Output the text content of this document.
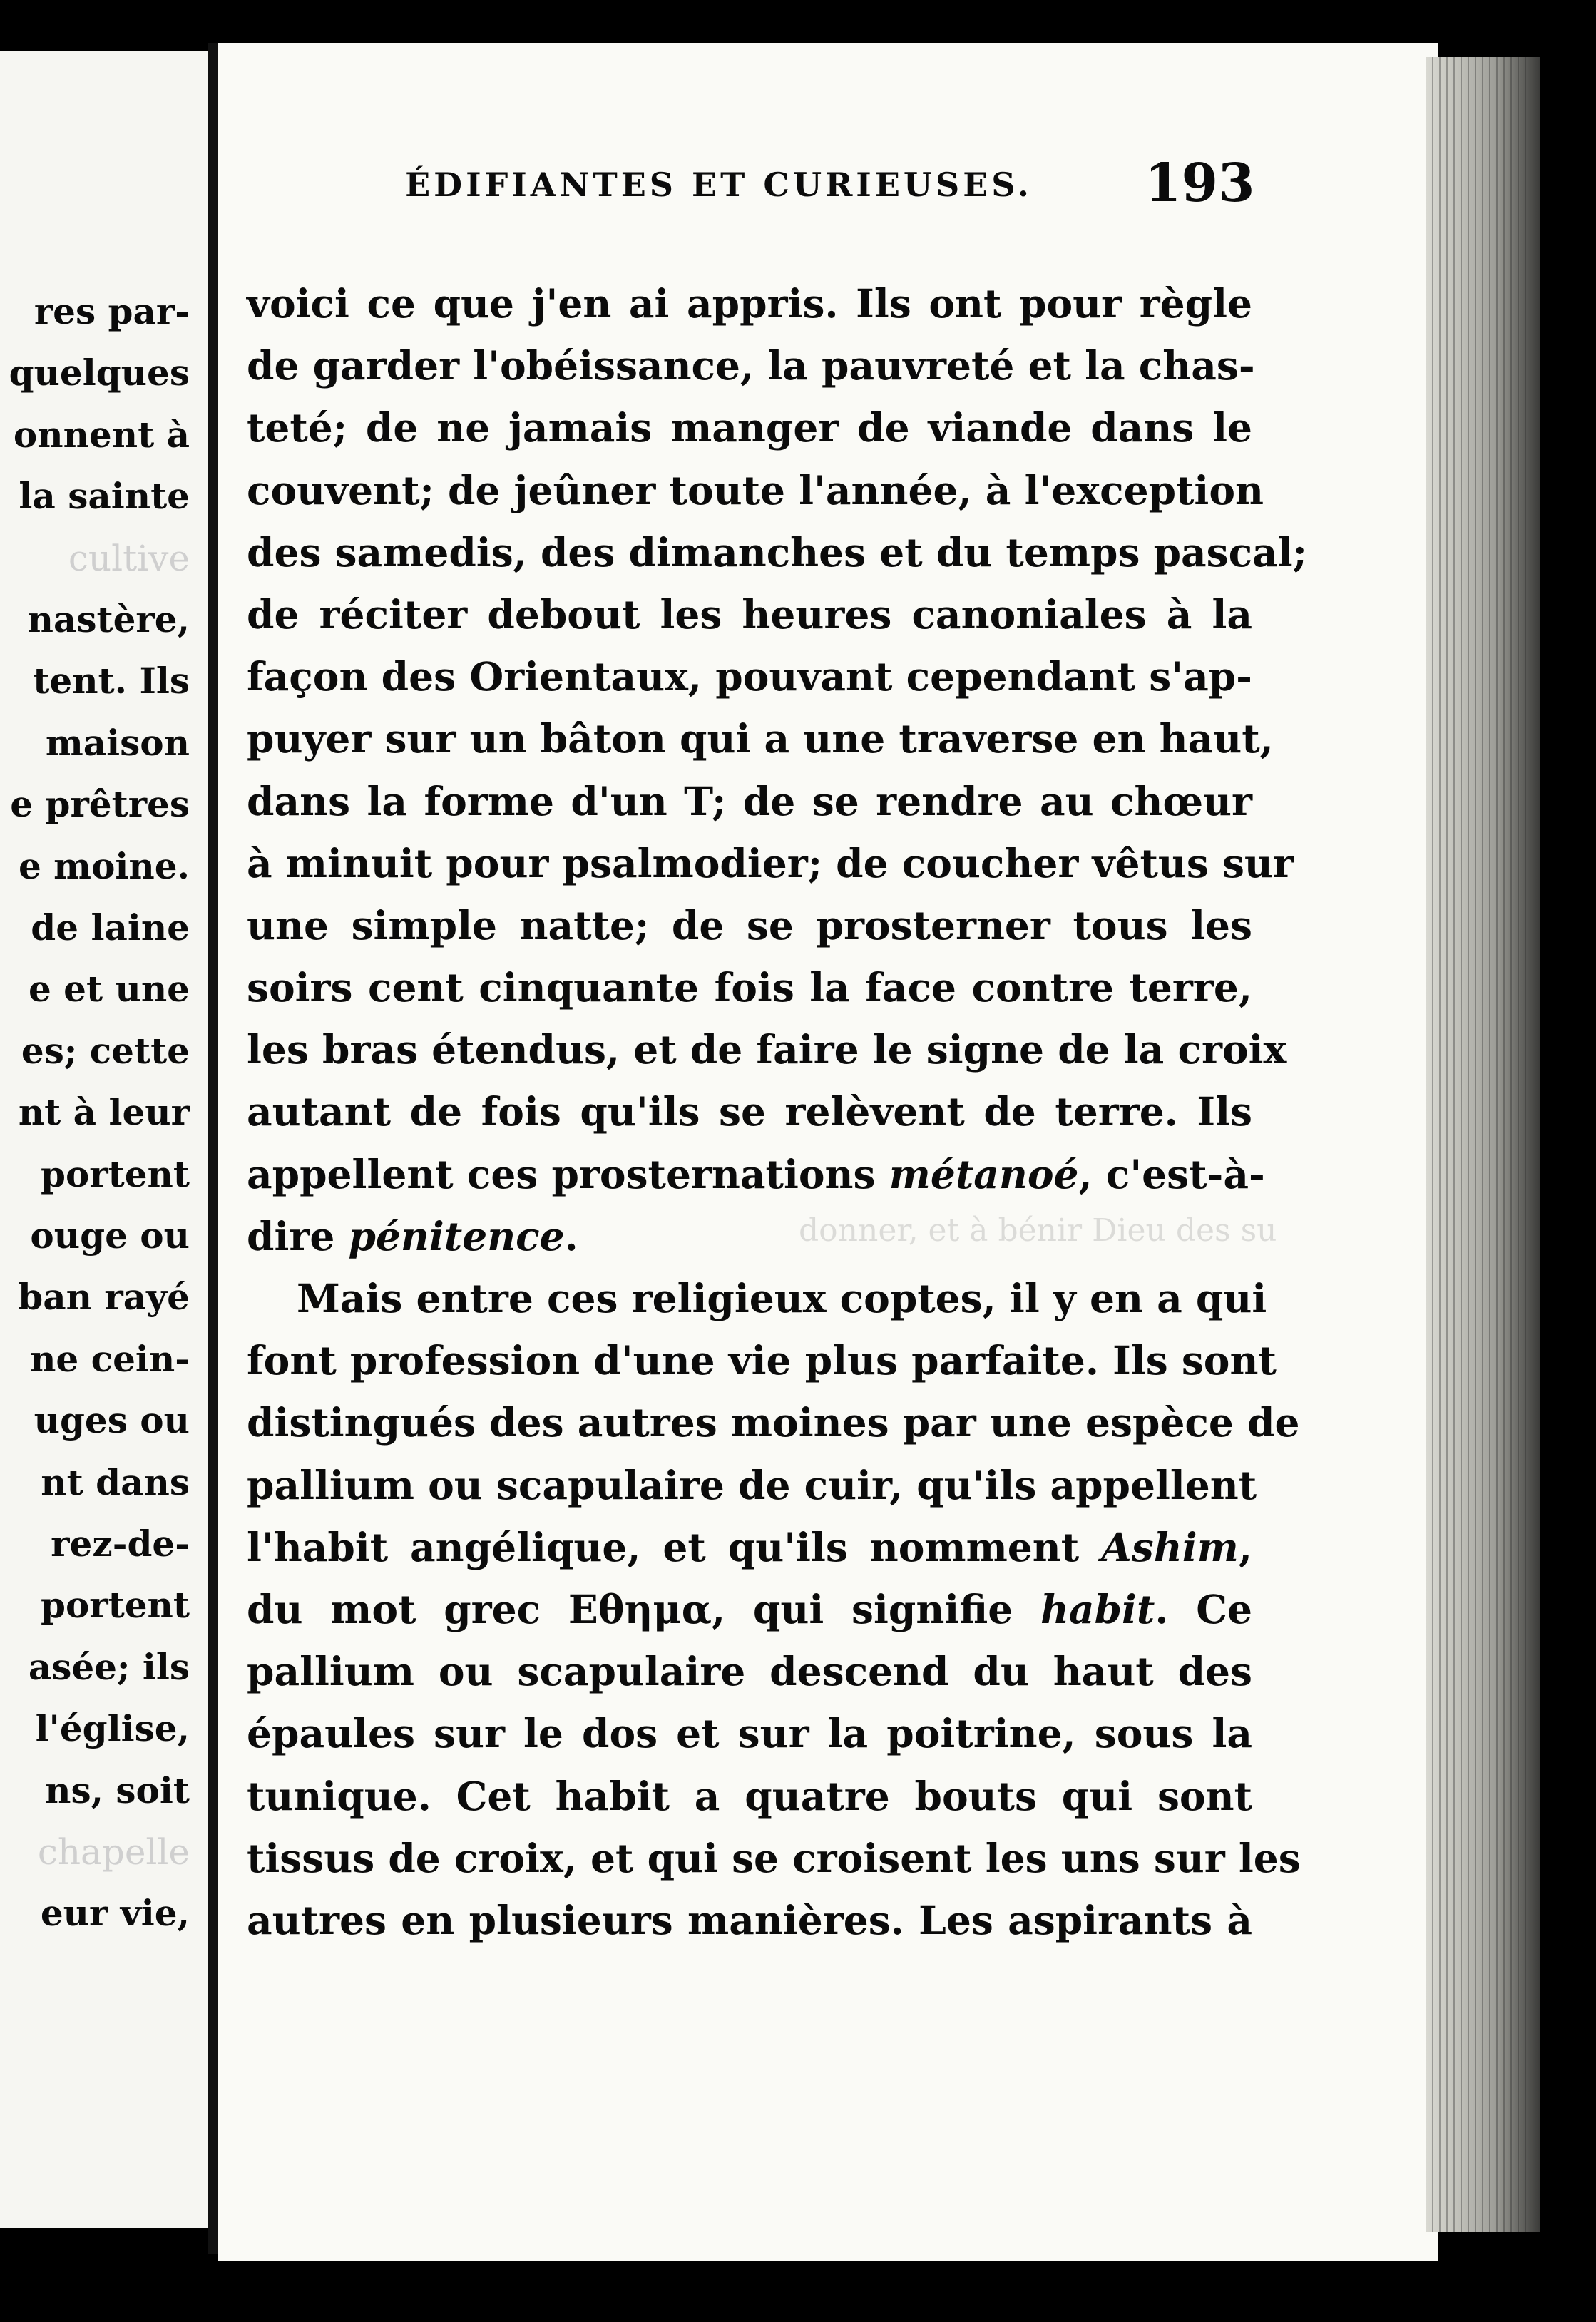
res par-
quelques
onnent à
la sainte
cultive
nastère,
tent. Ils
maison
e prêtres
e moine.
de laine
e et une
es; cette
nt à leur
portent
ouge ou
ban rayé
ne cein-
uges ou
nt dans
rez-de-
portent
asée; ils
l'église,
ns, soit
chapelle
eur vie,
ÉDIFIANTES ET CURIEUSES.	193
donner, et à bénir Dieu des su
voici ce que j'en ai appris. Ils ont pour règle
de garder l'obéissance, la pauvreté et la chas-
teté; de ne jamais manger de viande dans le
couvent; de jeûner toute l'année, à l'exception
des samedis, des dimanches et du temps pascal;
de réciter debout les heures canoniales à la
façon des Orientaux, pouvant cependant s'ap-
puyer sur un bâton qui a une traverse en haut,
dans la forme d'un T; de se rendre au chœur
à minuit pour psalmodier; de coucher vêtus sur
une simple natte; de se prosterner tous les
soirs cent cinquante fois la face contre terre,
les bras étendus, et de faire le signe de la croix
autant de fois qu'ils se relèvent de terre. Ils
appellent ces prosternations métanoé, c'est-à-
dire pénitence.
Mais entre ces religieux coptes, il y en a qui
font profession d'une vie plus parfaite. Ils sont
distingués des autres moines par une espèce de
pallium ou scapulaire de cuir, qu'ils appellent
l'habit angélique, et qu'ils nomment Ashim,
du mot grec Εθημα, qui signifie habit. Ce
pallium ou scapulaire descend du haut des
épaules sur le dos et sur la poitrine, sous la
tunique. Cet habit a quatre bouts qui sont
tissus de croix, et qui se croisent les uns sur les
autres en plusieurs manières. Les aspirants à
